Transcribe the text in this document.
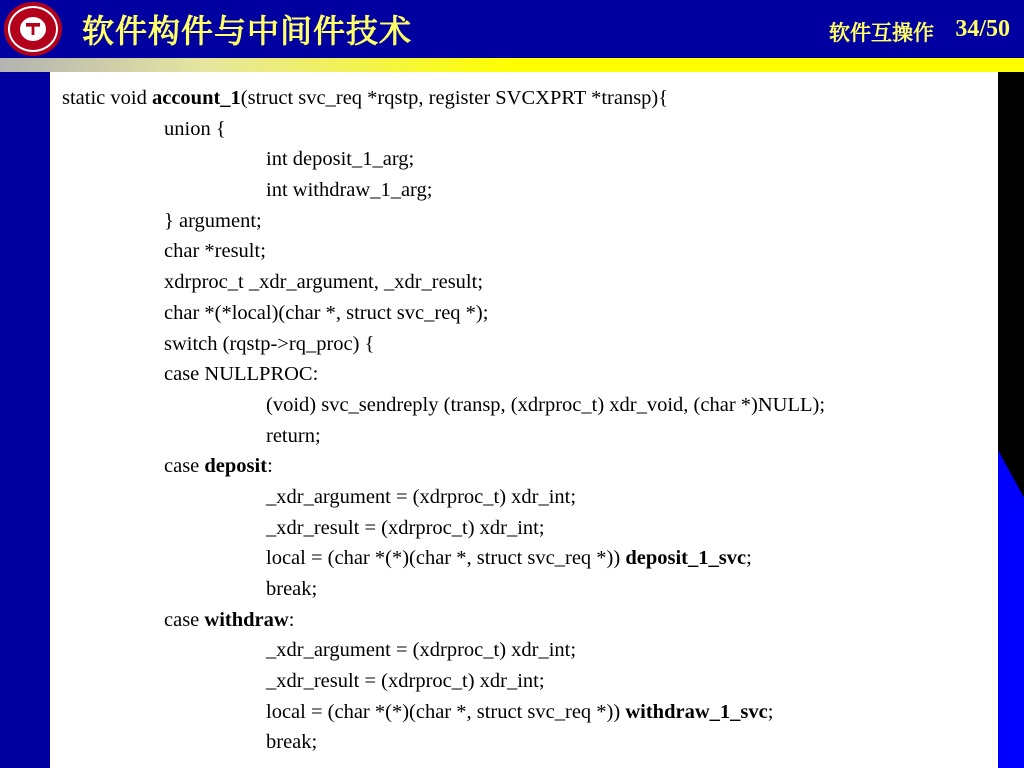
软件构件与中间件技术	软件互操作 34/50
static void account_1(struct svc_req *rqstp, register SVCXPRT *transp){
union {
int deposit_1_arg;
int withdraw_1_arg;
} argument;
char *result;
xdrproc_t _xdr_argument, _xdr_result;
char *(*local)(char *, struct svc_req *);
switch (rqstp->rq_proc) {
case NULLPROC:
(void) svc_sendreply (transp, (xdrproc_t) xdr_void, (char *)NULL);
return;
case deposit:
_xdr_argument = (xdrproc_t) xdr_int;
_xdr_result = (xdrproc_t) xdr_int;
local = (char *(*)(char *, struct svc_req *)) deposit_1_svc;
break;
case withdraw:
_xdr_argument = (xdrproc_t) xdr_int;
_xdr_result = (xdrproc_t) xdr_int;
local = (char *(*)(char *, struct svc_req *)) withdraw_1_svc;
break;
